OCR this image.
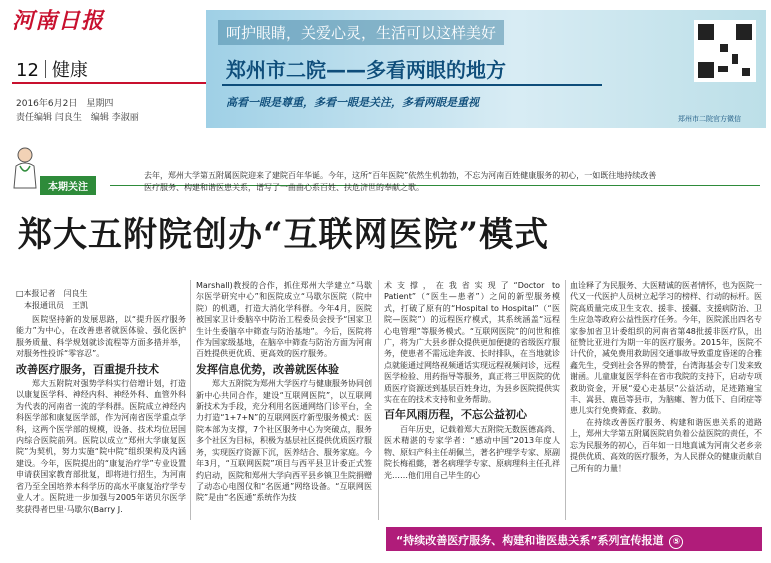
河南日报
12 健康
2016年6月2日　星期四
责任编辑 闫良生　编辑 李淑丽
呵护眼睛，关爱心灵，生活可以这样美好
郑州市二院——多看两眼的地方
高看一眼是尊重，多看一眼是关注，多看两眼是重视
郑州市二院官方微信
本期关注
去年，郑州大学第五附属医院迎来了建院百年华诞。今年，这所“百年医院”依然生机勃勃，不忘为河南百姓健康服务的初心，一如既往地持续改善医疗服务、构建和谐医患关系，谱写了一曲曲心系百姓、扶危济世的奉献之歌。
郑大五附院创办“互联网医院”模式
□本报记者　闫良生
　本报通讯员　王凯

医院坚持新的发展思路，以“提升医疗服务能力”为中心，在改善患者就医体验、强化医护服务质量、科学规划就诊流程等方面多措并举，对服务性投诉“零容忍”。

改善医疗服务，百重提升技术

郑大五附院对强势学科实行倍增计划，打造以康复医学科、神经内科、神经外科、血管外科为代表的河南省一流的学科群。医院成立神经内科医学部和康复医学部，作为河南省医学重点学科，这两个医学部的规模，设备、技术均位居国内综合医院前列。医院以成立“郑州大学康复医院”为契机，努力实施“院中院”组织架构及内涵建设。今年，医院提出的“康复治疗学”专业设置申请获国家教育部批复，即将进行招生，为河南省乃至全国培养本科学历的高水平康复治疗学专业人才。医院进一步加强与2005年诺贝尔医学奖获得者巴里·马歇尔(Barry J.

Marshall)教授的合作，抓住郑州大学建立“马歇尔医学研究中心”和医院成立“马歇尔医院（院中院）的机遇，打造大消化学科群。今年4月，医院被国家卫计委脑卒中防治工程委员会授予“国家卫生计生委脑卒中筛查与防治基地”。今后，医院将作为国家级基地，在脑卒中筛查与防治方面为河南百姓提供更优质、更高效的医疗服务。

发挥信息优势，改善就医体验

郑大五附院为郑州大学医疗与健康服务协同创新中心共同合作，建设“互联网医院”，以互联网新技术为手段，充分利用名医通网络门诊平台，全力打造“1+7+N”的互联网医疗新型服务模式：医院本部为支撑，7个社区服务中心为突破点，服务多个社区为目标，积极为基层社区提供优质医疗服务，实现医疗资源下沉，医养结合、服务家庭。今年3月，“互联网医院”项目与西平县卫计委正式签约启动，医院和郑州大学向西平县乡镇卫生院捐赠了动态心电图仪和“名医通”网络设备。“互联网医院”是由“名医通”系统作为技

术支撑，在我省实现了“Doctor to Patient”（“医生—患者”）之间的新型服务模式，打破了原有的“Hospital to Hospital”（“医院—医院”）的远程医疗模式，其系统涵盖“远程心电管理”等服务模式。“互联网医院”的问世和推广，将为广大县乡群众提供更加便捷的省级医疗服务，使患者不需远途奔波、长时排队，在当地就诊点就能通过网络视频通话实现远程视频问诊，远程医学检验、用药指导等服务，真正将三甲医院的优质医疗资源送到基层百姓身边，为县乡医院提供实实在在的技术支持和业务帮助。

百年风雨历程，不忘公益初心

百年历史，记载着郑大五附院无数医德高尚、医术精湛的专家学者：“感动中国”2013年度人物、原妇产科主任胡佩兰，著名护理学专家、原副院长梅祖懿，著名病理学专家、原病理科主任孔祥光……他们用自己毕生的心

血诠释了为民服务、大医精诚的医者情怀，也为医院一代又一代医护人员树立起学习的榜样、行动的标杆。医院高质量完成卫生支农、援非、援疆、支援病防治、卫生应急等政府公益性医疗任务。今年，医院派出四名专家参加省卫计委组织的河南省第48批援非医疗队，出征赞比亚进行为期一年的医疗服务。2015年，医院不计代价，减免费用救助因交通事故导致重度昏迷的合雅鑫先生，受到社会各界的赞誉，台湾海基会专门发来致谢函。儿童康复医学科在省市我院的支持下，启动专项救助资金，开展“爱心走基层”公益活动，足迹踏遍宝丰、嵩县、鹿邑等县市，为脑瘫、智力低下、自闭症等患儿实行免费筛查、救助。

在持续改善医疗服务、构建和谐医患关系的道路上，郑州大学第五附属医院肩负着公益医院的责任，不忘为民服务的初心，百年如一日地真诚为河南父老乡亲提供优质、高效的医疗服务，为人民群众的健康贡献自己所有的力量！

“持续改善医疗服务、构建和谐医患关系”系列宣传报道 ⑤
